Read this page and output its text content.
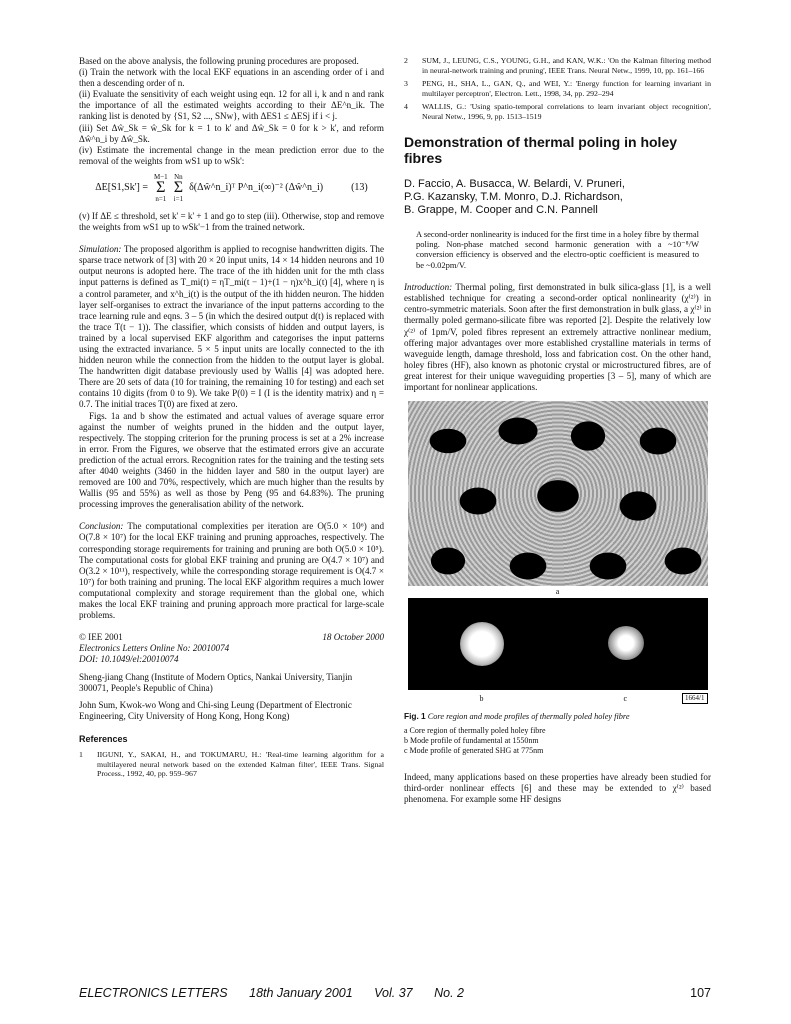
Based on the above analysis, the following pruning procedures are proposed.

(i) Train the network with the local EKF equations in an ascending order of i and then a descending order of n.

(ii) Evaluate the sensitivity of each weight using eqn. 12 for all i, k and n and rank the importance of all the estimated weights according to their ΔE^n_ik. The ranking list is denoted by {S1, S2 ..., SNw}, with ΔES1 ≤ ΔESj if i < j.

(iii) Set Δŵ_Sk = ŵ_Sk for k = 1 to k' and Δŵ_Sk = 0 for k > k', and reform Δŵ^n_i by Δŵ_Sk.

(iv) Estimate the incremental change in the mean prediction error due to the removal of the weights from wS1 up to wSk':

ΔE[S1,Sk'] =
M−1
Σ
n=1
Nn
Σ
i=1
δ(Δŵ^n_i)ᵀ P^n_i(∞)⁻² (Δŵ^n_i)	(13)

(v) If ΔE ≤ threshold, set k' = k' + 1 and go to step (iii). Otherwise, stop and remove the weights from wS1 up to wSk'−1 from the trained network.

Simulation: The proposed algorithm is applied to recognise handwritten digits. The sparse trace network of [3] with 20 × 20 input units, 14 × 14 hidden neurons and 10 output neurons is adopted here. The trace of the ith hidden unit for the mth class input patterns is defined as T_mi(t) = ηT_mi(t − 1)+(1 − η)x^h_i(t) [4], where η is a control parameter, and x^h_i(t) is the output of the ith hidden neuron. The hidden layer self-organises to extract the invariance of the input patterns according to the trace learning rule and eqns. 3 – 5 (in which the desired output d(t) is replaced with the trace T(t − 1)). The classifier, which consists of hidden and output layers, is trained by a local supervised EKF algorithm and categorises the input patterns using the extracted invariance. 5 × 5 input units are locally connected to the ith hidden neuron while the connection from the hidden to the output layer is global. The handwritten digit database previously used by Wallis [4] was adopted here. There are 20 sets of data (10 for training, the remaining 10 for testing) and each set contains 10 digits (from 0 to 9). We take P(0) = I (I is the identity matrix) and η = 0.7. The initial traces T(0) are fixed at zero.

Figs. 1a and b show the estimated and actual values of average square error against the number of weights pruned in the hidden and the output layer, respectively. The stopping criterion for the pruning process is set at a 2% increase in error. From the Figures, we observe that the estimated errors give an accurate prediction of the actual errors. Recognition rates for the training and the testing sets after 4040 weights (3460 in the hidden layer and 580 in the output layer) are removed are 100 and 70%, respectively, which are much higher than the results by Wallis (95 and 55%) as well as those by Peng (95 and 64.83%). The pruning processing improves the generalisation ability of the network.

Conclusion: The computational complexities per iteration are O(5.0 × 10⁶) and O(7.8 × 10⁷) for the local EKF training and pruning approaches, respectively. The corresponding storage requirements for training and pruning are both O(5.0 × 10⁵). The computational costs for global EKF training and pruning are O(4.7 × 10⁷) and O(3.2 × 10¹¹), respectively, while the corresponding storage requirement is O(4.7 × 10⁷) for both training and pruning. The local EKF algorithm requires a much lower computational complexity and storage requirement than the global one, which makes the local EKF training and pruning approach more practical for large-scale problems.

© IEE 2001	18 October 2000

Electronics Letters Online No: 20010074

DOI: 10.1049/el:20010074

Sheng-jiang Chang (Institute of Modern Optics, Nankai University, Tianjin 300071, People's Republic of China)

John Sum, Kwok-wo Wong and Chi-sing Leung (Department of Electronic Engineering, City University of Hong Kong, Hong Kong)

References
1	IIGUNI, Y., SAKAI, H., and TOKUMARU, H.: 'Real-time learning algorithm for a multilayered neural network based on the extended Kalman filter', IEEE Trans. Signal Process., 1992, 40, pp. 959–967
2	SUM, J., LEUNG, C.S., YOUNG, G.H., and KAN, W.K.: 'On the Kalman filtering method in neural-network training and pruning', IEEE Trans. Neural Netw., 1999, 10, pp. 161–166
3	PENG, H., SHA, L., GAN, Q., and WEI, Y.: 'Energy function for learning invariant in multilayer perceptron', Electron. Lett., 1998, 34, pp. 292–294
4	WALLIS, G.: 'Using spatio-temporal correlations to learn invariant object recognition', Neural Netw., 1996, 9, pp. 1513–1519
Demonstration of thermal poling in holey fibres
D. Faccio, A. Busacca, W. Belardi, V. Pruneri,
P.G. Kazansky, T.M. Monro, D.J. Richardson,
B. Grappe, M. Cooper and C.N. Pannell

A second-order nonlinearity is induced for the first time in a holey fibre by thermal poling. Non-phase matched second harmonic generation with a ~10⁻⁸/W conversion efficiency is observed and the electro-optic coefficient is measured to be ~0.02pm/V.

Introduction: Thermal poling, first demonstrated in bulk silica-glass [1], is a well established technique for creating a second-order optical nonlinearity (χ⁽²⁾) in centro-symmetric materials. Soon after the first demonstration in bulk glass, a χ⁽²⁾ in thermally poled germano-silicate fibre was reported [2]. Despite the relatively low χ⁽²⁾ of 1pm/V, poled fibres represent an extremely attractive nonlinear medium, offering major advantages over more established crystalline materials in terms of waveguide length, damage threshold, loss and fabrication cost. On the other hand, holey fibres (HF), also known as photonic crystal or microstructured fibres, are of great interest for their unique waveguiding properties [3 – 5], many of which are important for nonlinear applications.

a
b	c	1664/1

Fig. 1 Core region and mode profiles of thermally poled holey fibre

a Core region of thermally poled holey fibre
b Mode profile of fundamental at 1550nm
c Mode profile of generated SHG at 775nm

Indeed, many applications based on these properties have already been studied for third-order nonlinear effects [6] and these may be extended to χ⁽²⁾ based phenomena. For example some HF designs

ELECTRONICS LETTERS 18th January 2001 Vol. 37 No. 2	107
